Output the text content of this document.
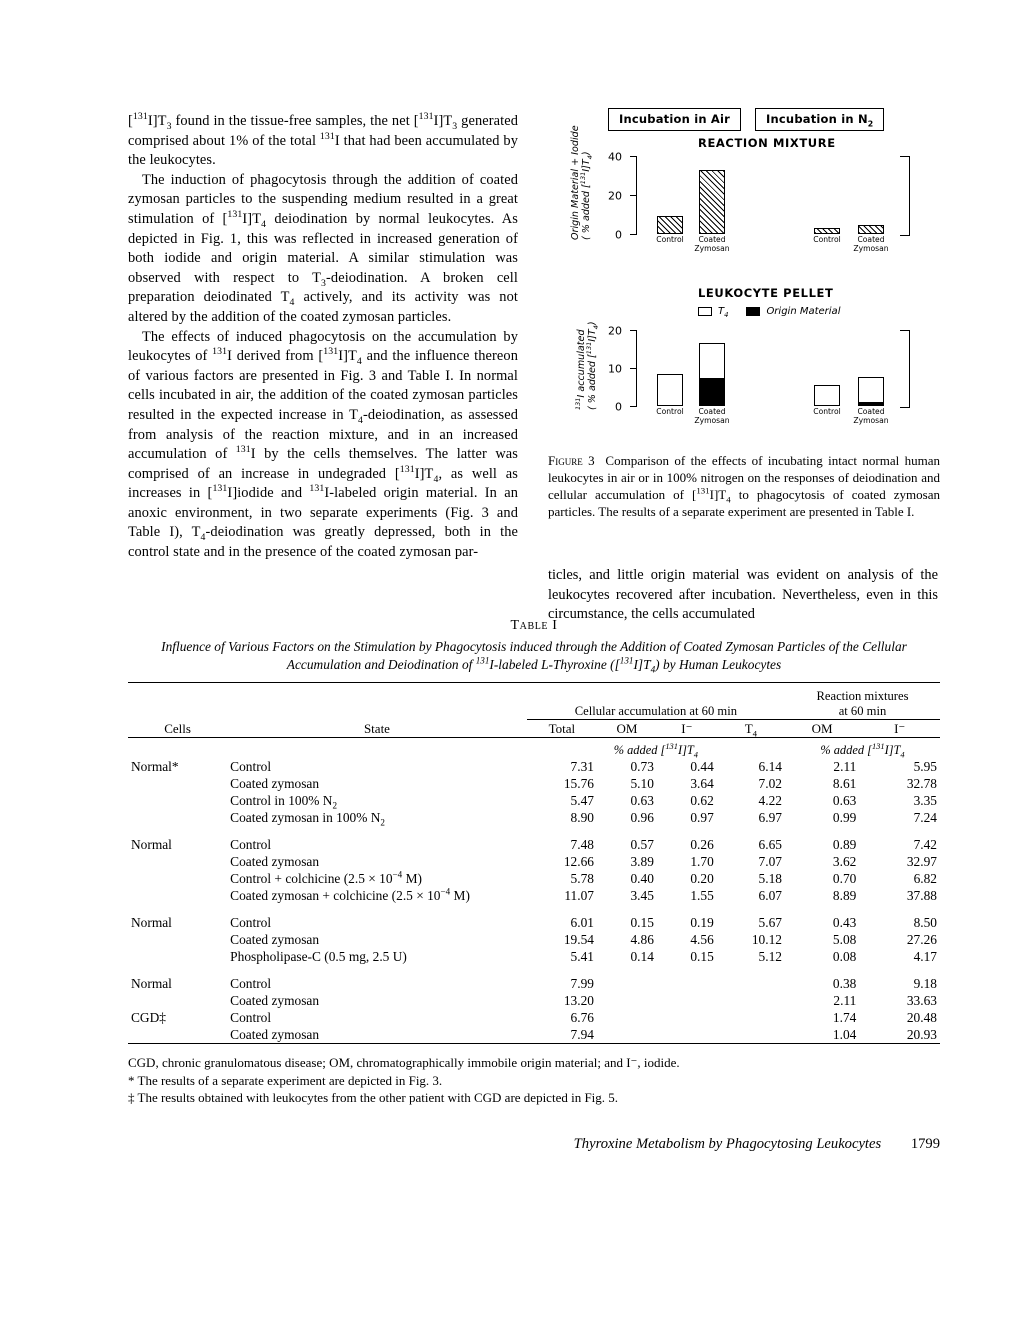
$[^{131}I]T_3$ found in the tissue-free samples, the net $[^{131}I]T_3$ generated comprised about 1% of the total $^{131}$I that had been accumulated by the leukocytes.

The induction of phagocytosis through the addition of coated zymosan particles to the suspending medium resulted in a great stimulation of $[^{131}I]T_4$ deiodination by normal leukocytes. As depicted in Fig. 1, this was reflected in increased generation of both iodide and origin material. A similar stimulation was observed with respect to $T_3$-deiodination. A broken cell preparation deiodinated $T_4$ actively, and its activity was not altered by the addition of the coated zymosan particles.

The effects of induced phagocytosis on the accumulation by leukocytes of $^{131}$I derived from $[^{131}I]T_4$ and the influence thereon of various factors are presented in Fig. 3 and Table I. In normal cells incubated in air, the addition of the coated zymosan particles resulted in the expected increase in $T_4$-deiodination, as assessed from analysis of the reaction mixture, and in an increased accumulation of $^{131}$I by the cells themselves. The latter was comprised of an increase in undegraded $[^{131}I]T_4$, as well as increases in [$^{131}$I]iodide and $^{131}$I-labeled origin material. In an anoxic environment, in two separate experiments (Fig. 3 and Table I), $T_4$-deiodination was greatly depressed, both in the control state and in the presence of the coated zymosan par-

Incubation in Air	Incubation in $N_2$
REACTION MIXTURE
40
20
0	Control	Coated
Zymosan
Control	Coated
Zymosan
Origin Material + Iodide
( % added $[^{131}I]T_4$)
LEUKOCYTE PELLET
$T_4$	Origin Material
20
10
0	Control	Coated
Zymosan
Control	Coated
Zymosan
$^{131}$I accumulated
( % added $[^{131}I]T_4$)
Figure 3  Comparison of the effects of incubating intact normal human leukocytes in air or in 100% nitrogen on the responses of deiodination and cellular accumulation of $[^{131}I]T_4$ to phagocytosis of coated zymosan particles. The results of a separate experiment are presented in Table I.

ticles, and little origin material was evident on analysis of the leukocytes recovered after incubation. Nevertheless, even in this circumstance, the cells accumulated

Table I
Influence of Various Factors on the Stimulation by Phagocytosis induced through the Addition of Coated Zymosan Particles of the Cellular Accumulation and Deiodination of $^{131}$I-labeled L-Thyroxine $([^{131}I]T_4)$ by Human Leukocytes

		Cellular accumulation at 60 min				Reaction mixtures
at 60 min	
Cells	State	Total	OM	I⁻	$T_4$	OM	I⁻

		% added $[^{131}I]T_4$				% added $[^{131}I]T_4$
Normal*	Control	7.31	0.73	0.44	6.14	2.11	5.95
	Coated zymosan	15.76	5.10	3.64	7.02	8.61	32.78
	Control in 100% $N_2$	5.47	0.63	0.62	4.22	0.63	3.35
	Coated zymosan in 100% $N_2$	8.90	0.96	0.97	6.97	0.99	7.24

Normal	Control	7.48	0.57	0.26	6.65	0.89	7.42
	Coated zymosan	12.66	3.89	1.70	7.07	3.62	32.97
	Control + colchicine ($2.5 \times 10^{-4}$ M)	5.78	0.40	0.20	5.18	0.70	6.82
	Coated zymosan + colchicine ($2.5 \times 10^{-4}$ M)	11.07	3.45	1.55	6.07	8.89	37.88

Normal	Control	6.01	0.15	0.19	5.67	0.43	8.50
	Coated zymosan	19.54	4.86	4.56	10.12	5.08	27.26
	Phospholipase-C (0.5 mg, 2.5 U)	5.41	0.14	0.15	5.12	0.08	4.17

Normal	Control	7.99				0.38	9.18
	Coated zymosan	13.20				2.11	33.63
CGD‡	Control	6.76				1.74	20.48
	Coated zymosan	7.94				1.04	20.93

CGD, chronic granulomatous disease; OM, chromatographically immobile origin material; and I⁻, iodide.
* The results of a separate experiment are depicted in Fig. 3.
‡ The results obtained with leukocytes from the other patient with CGD are depicted in Fig. 5.
Thyroxine Metabolism by Phagocytosing Leukocytes 1799
